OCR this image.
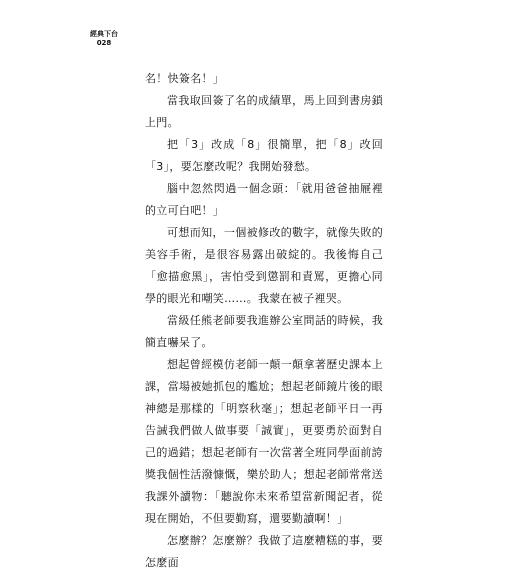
經典下台
028

名！快簽名！」

當我取回簽了名的成績單，馬上回到書房鎖上門。

把「3」改成「8」很簡單，把「8」改回「3」，要怎麼改呢？我開始發愁。

腦中忽然閃過一個念頭：「就用爸爸抽屜裡的立可白吧！」

可想而知，一個被修改的數字，就像失敗的美容手術，是很容易露出破綻的。我後悔自己「愈描愈黑」，害怕受到懲罰和責罵，更擔心同學的眼光和嘲笑……。我蒙在被子裡哭。

當級任熊老師要我進辦公室問話的時候，我簡直嚇呆了。

想起曾經模仿老師一顛一顛拿著歷史課本上課，當場被她抓包的尷尬；想起老師鏡片後的眼神總是那樣的「明察秋毫」；想起老師平日一再告誡我們做人做事要「誠實」，更要勇於面對自己的過錯；想起老師有一次當著全班同學面前誇獎我個性活潑慷慨，樂於助人；想起老師常常送我課外讀物：「聽說你未來希望當新聞記者，從現在開始，不但要勤寫，還要勤讀啊！」

怎麼辦？怎麼辦？我做了這麼糟糕的事，要怎麼面
